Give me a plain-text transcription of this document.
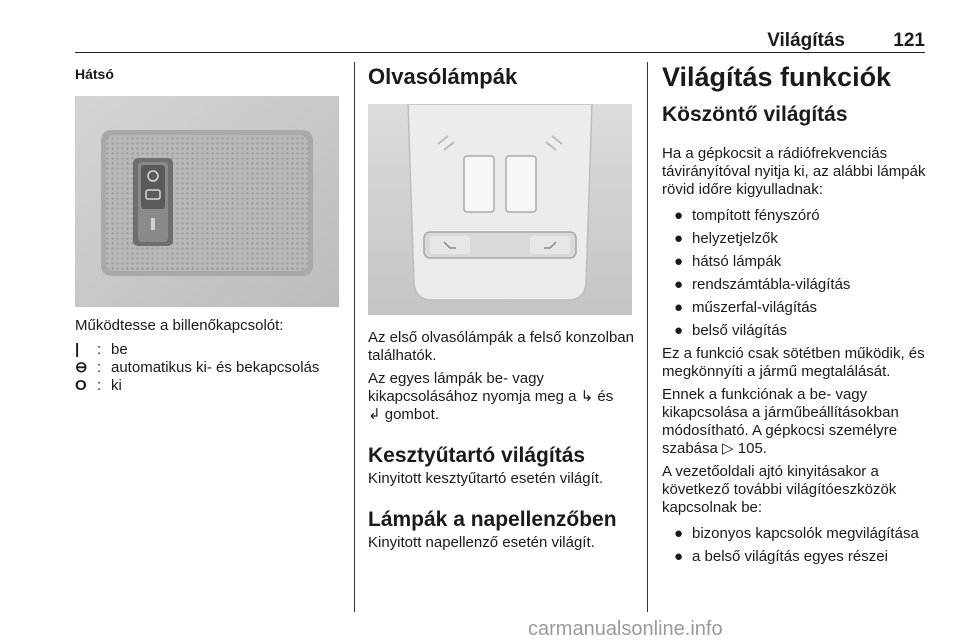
Világítás	121
Hátsó

Működtesse a billenőkapcsolót:

|	: be
⊖ : automatikus ki- és bekapcsolás
O : ki
Olvasólámpák

Az első olvasólámpák a felső konzolban találhatók.

Az egyes lámpák be- vagy kikapcsolásához nyomja meg a ↳ és
↲ gombot.

Kesztyűtartó világítás

Kinyitott kesztyűtartó esetén világít.

Lámpák a napellenzőben

Kinyitott napellenző esetén világít.

Világítás funkciók
Köszöntő világítás

Ha a gépkocsit a rádiófrekvenciás távirányítóval nyitja ki, az alábbi lámpák rövid időre kigyulladnak:

● tompított fényszóró
● helyzetjelzők
● hátsó lámpák
● rendszámtábla-világítás
● műszerfal-világítás
● belső világítás

Ez a funkció csak sötétben működik, és megkönnyíti a jármű megtalálását.

Ennek a funkciónak a be- vagy kikapcsolása a járműbeállításokban módosítható. A gépkocsi személyre szabása ▷ 105.

A vezetőoldali ajtó kinyitásakor a következő további világítóeszközök kapcsolnak be:

● bizonyos kapcsolók megvilágítása
● a belső világítás egyes részei
carmanualsonline.info
